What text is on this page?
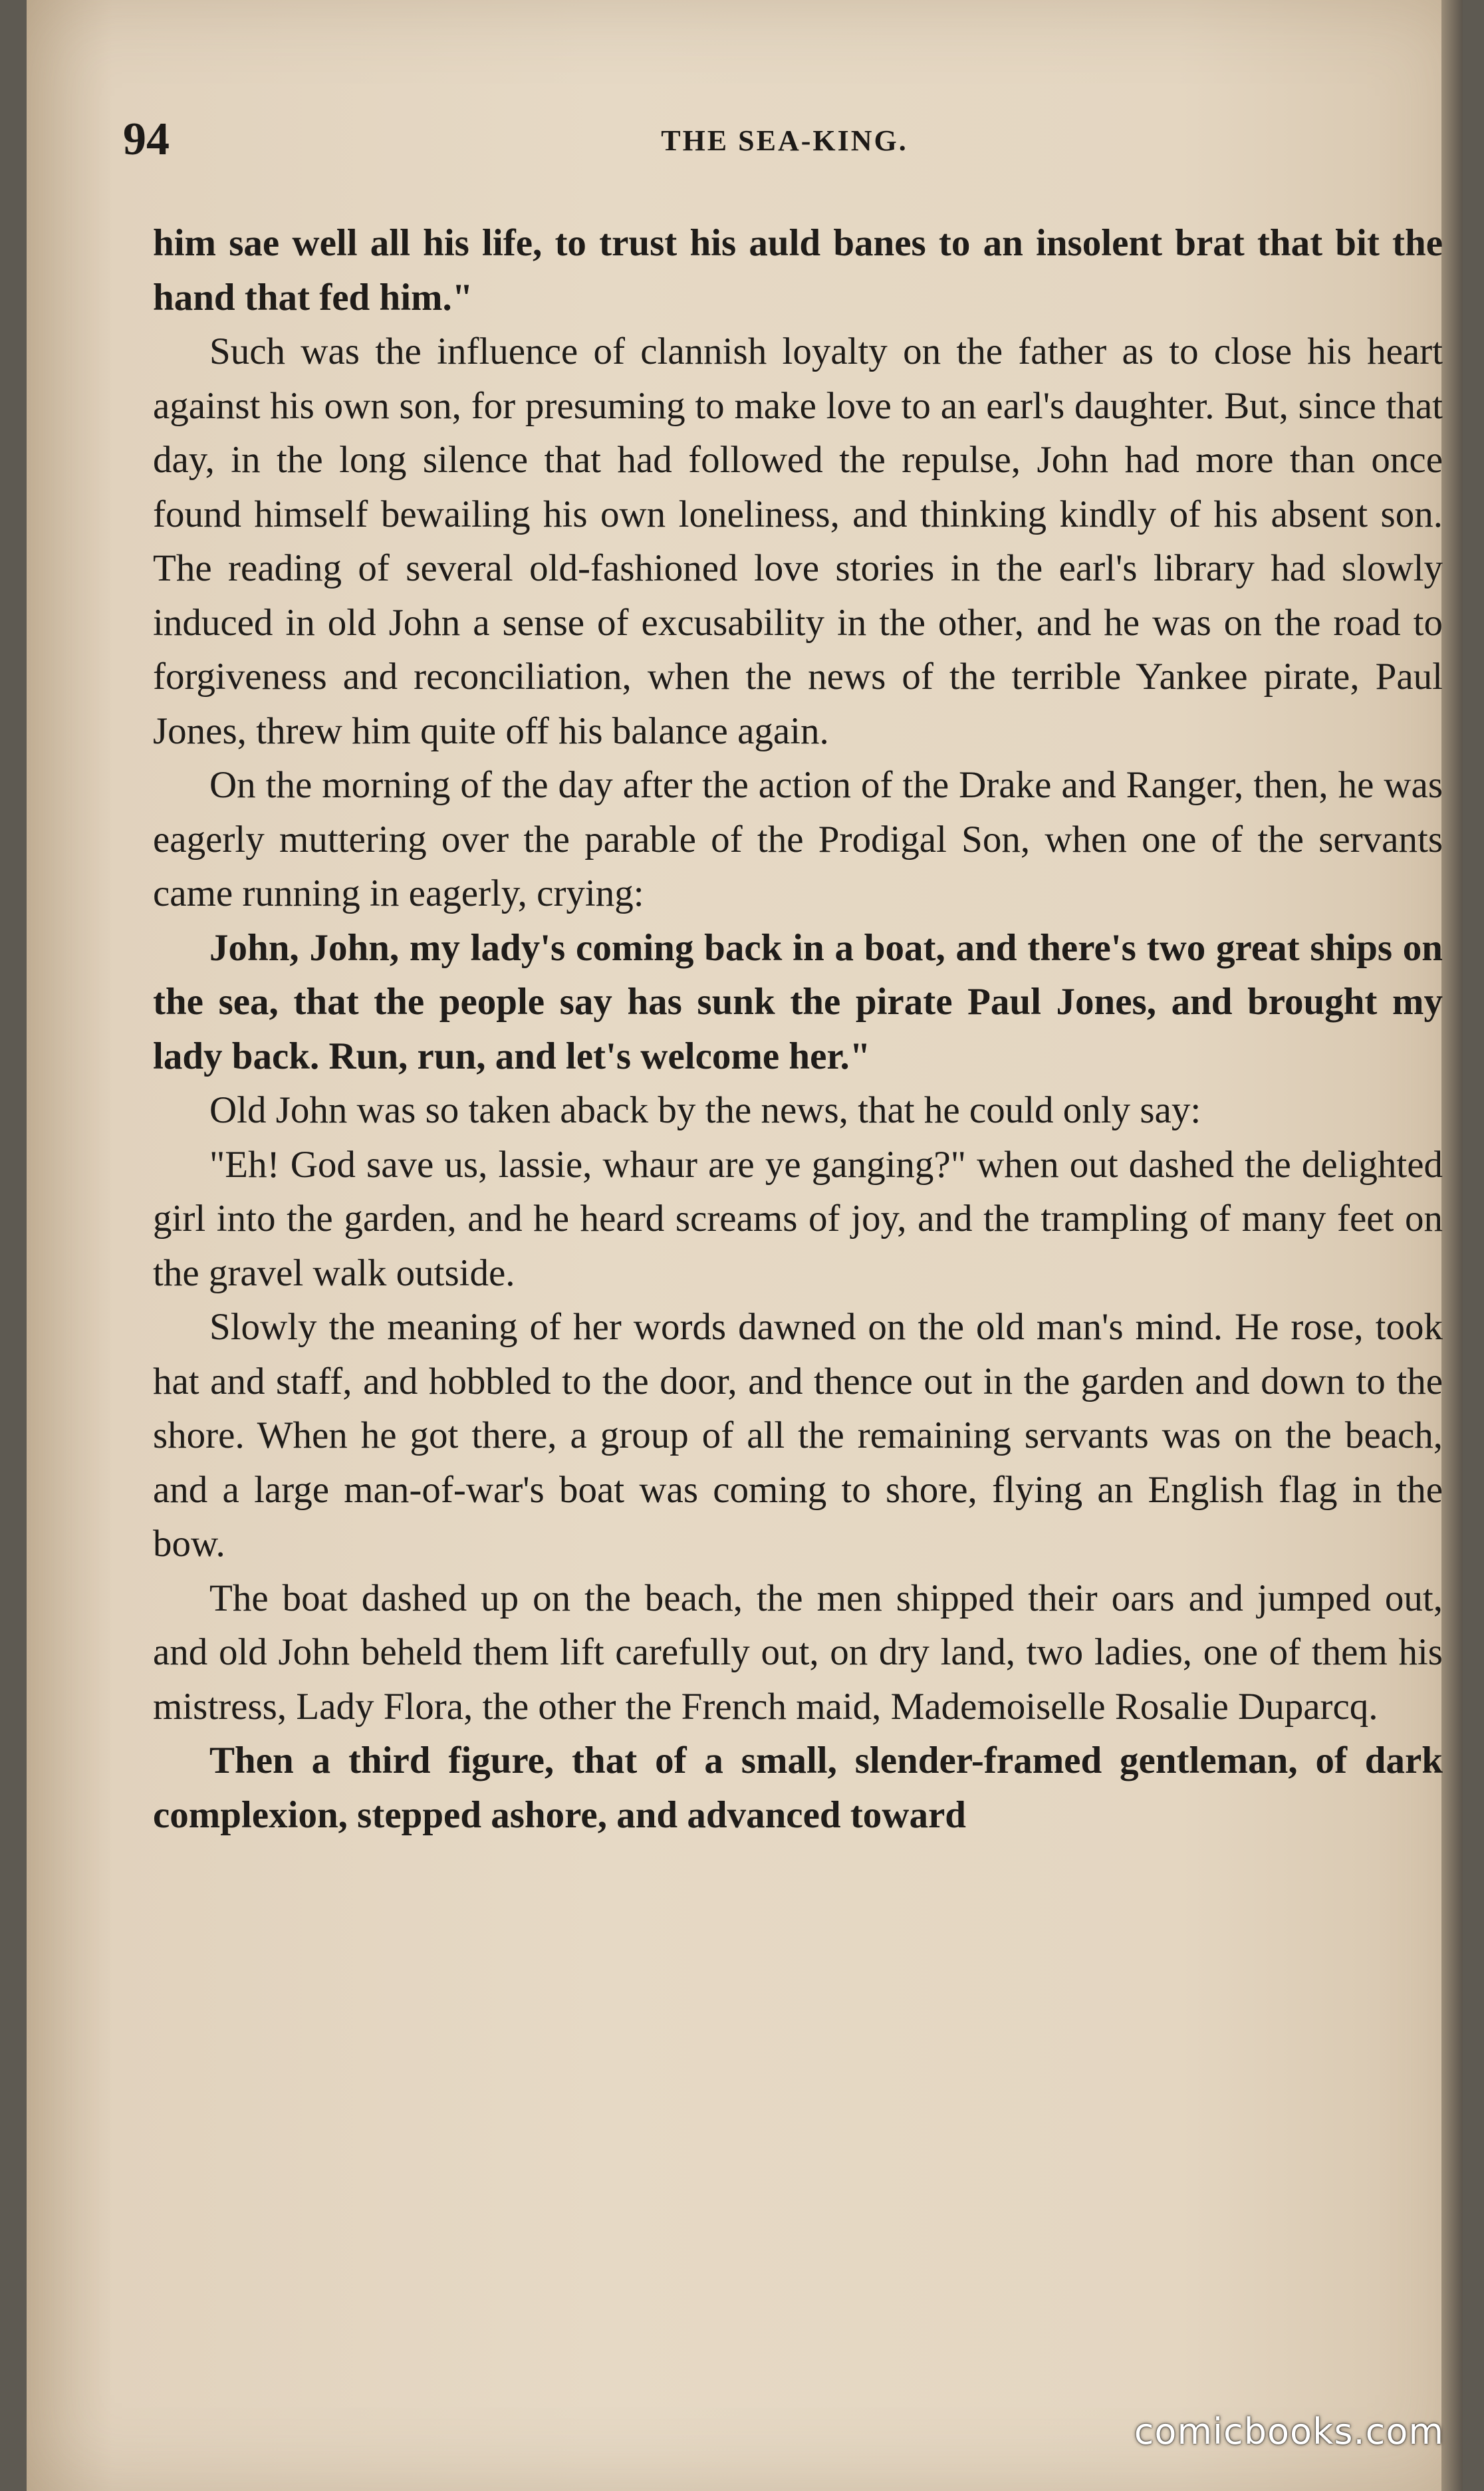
94	THE SEA-KING.

him sae well all his life, to trust his auld banes to an insolent brat that bit the hand that fed him."

Such was the influence of clannish loyalty on the father as to close his heart against his own son, for presuming to make love to an earl's daughter. But, since that day, in the long silence that had followed the repulse, John had more than once found himself bewailing his own loneliness, and thinking kindly of his absent son. The reading of several old-fashioned love stories in the earl's library had slowly induced in old John a sense of excusability in the other, and he was on the road to forgiveness and reconciliation, when the news of the terrible Yankee pirate, Paul Jones, threw him quite off his balance again.

On the morning of the day after the action of the Drake and Ranger, then, he was eagerly muttering over the parable of the Prodigal Son, when one of the servants came running in eagerly, crying:

John, John, my lady's coming back in a boat, and there's two great ships on the sea, that the people say has sunk the pirate Paul Jones, and brought my lady back. Run, run, and let's welcome her."

Old John was so taken aback by the news, that he could only say:

"Eh! God save us, lassie, whaur are ye ganging?" when out dashed the delighted girl into the garden, and he heard screams of joy, and the trampling of many feet on the gravel walk outside.

Slowly the meaning of her words dawned on the old man's mind. He rose, took hat and staff, and hobbled to the door, and thence out in the garden and down to the shore. When he got there, a group of all the remaining servants was on the beach, and a large man-of-war's boat was coming to shore, flying an English flag in the bow.

The boat dashed up on the beach, the men shipped their oars and jumped out, and old John beheld them lift carefully out, on dry land, two ladies, one of them his mistress, Lady Flora, the other the French maid, Mademoiselle Rosalie Duparcq.

Then a third figure, that of a small, slender-framed gentleman, of dark complexion, stepped ashore, and advanced toward

comicbooks.com
